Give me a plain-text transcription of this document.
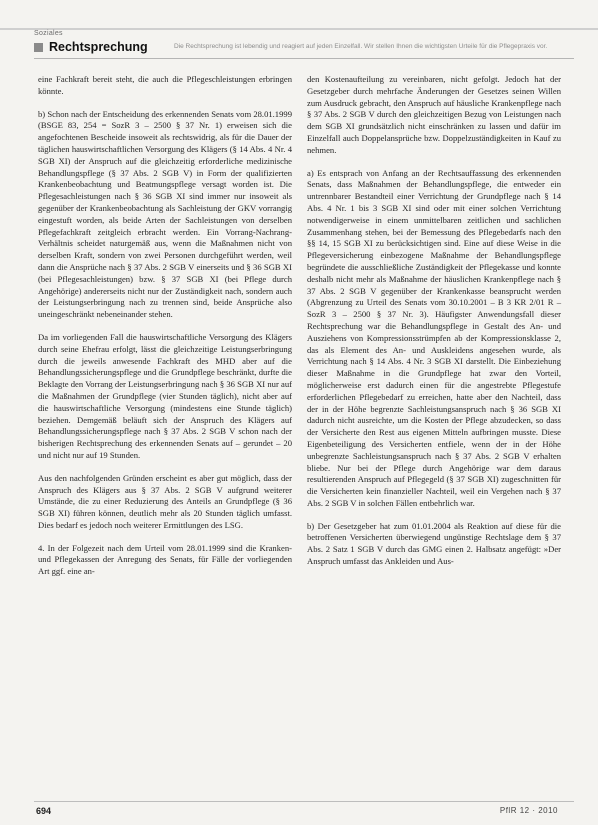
Soziales
Rechtsprechung	Die Rechtsprechung ist lebendig und reagiert auf jeden Einzelfall. Wir stellen Ihnen die wichtigsten Urteile für die Pflegepraxis vor.

eine Fachkraft bereit steht, die auch die Pflegeschleistungen erbringen könnte.

b) Schon nach der Entscheidung des erkennenden Senats vom 28.01.1999 (BSGE 83, 254 = SozR 3 – 2500 § 37 Nr. 1) erweisen sich die angefochtenen Bescheide insoweit als rechtswidrig, als für die Dauer der täglichen hauswirtschaftlichen Versorgung des Klägers (§ 14 Abs. 4 Nr. 4 SGB XI) der Anspruch auf die gleichzeitig erforderliche medizinische Behandlungspflege (§ 37 Abs. 2 SGB V) in Form der qualifizierten Krankenbeobachtung und Beatmungspflege versagt worden ist. Die Pflegesachleistungen nach § 36 SGB XI sind immer nur insoweit als gegenüber der Krankenbeobachtung als Sachleistung der GKV vorrangig eingestuft worden, als beide Arten der Sachleistungen von derselben Pflegefachkraft zeitgleich erbracht werden. Ein Vorrang-Nachrang-Verhältnis scheidet naturgemäß aus, wenn die Maßnahmen nicht von derselben Kraft, sondern von zwei Personen durchgeführt werden, weil dann die Ansprüche nach § 37 Abs. 2 SGB V einerseits und § 36 SGB XI (bei Pflegesachleistungen) bzw. § 37 SGB XI (bei Pflege durch Angehörige) andererseits nicht nur der Zuständigkeit nach, sondern auch der Leistungserbringung nach zu trennen sind, beide Ansprüche also uneingeschränkt nebeneinander stehen.

Da im vorliegenden Fall die hauswirtschaftliche Versorgung des Klägers durch seine Ehefrau erfolgt, lässt die gleichzeitige Leistungserbringung durch die jeweils anwesende Fachkraft des MHD aber auf die Behandlungssicherungspflege und die Grundpflege beschränkt, durfte die Beklagte den Vorrang der Leistungserbringung nach § 36 SGB XI nur auf die Maßnahmen der Grundpflege (vier Stunden täglich), nicht aber auf die hauswirtschaftliche Versorgung (mindestens eine Stunde täglich) beziehen. Demgemäß beläuft sich der Anspruch des Klägers auf Behandlungssicherungspflege nach § 37 Abs. 2 SGB V schon nach der bisherigen Rechtsprechung des erkennenden Senats auf – gerundet – 20 und nicht nur auf 19 Stunden.

Aus den nachfolgenden Gründen erscheint es aber gut möglich, dass der Anspruch des Klägers aus § 37 Abs. 2 SGB V aufgrund weiterer Umstände, die zu einer Reduzierung des Anteils an Grundpflege (§ 36 SGB XI) führen können, deutlich mehr als 20 Stunden täglich umfasst. Dies bedarf es jedoch noch weiterer Ermittlungen des LSG.

4. In der Folgezeit nach dem Urteil vom 28.01.1999 sind die Kranken- und Pflegekassen der Anregung des Senats, für Fälle der vorliegenden Art ggf. eine an-

den Kostenaufteilung zu vereinbaren, nicht gefolgt. Jedoch hat der Gesetzgeber durch mehrfache Änderungen der Gesetzes seinen Willen zum Ausdruck gebracht, den Anspruch auf häusliche Krankenpflege nach § 37 Abs. 2 SGB V durch den gleichzeitigen Bezug von Leistungen nach dem SGB XI grundsätzlich nicht einschränken zu lassen und dafür im Einzelfall auch Doppelansprüche bzw. Doppelzuständigkeiten in Kauf zu nehmen.

a) Es entsprach von Anfang an der Rechtsauffassung des erkennenden Senats, dass Maßnahmen der Behandlungspflege, die entweder ein untrennbarer Bestandteil einer Verrichtung der Grundpflege nach § 14 Abs. 4 Nr. 1 bis 3 SGB XI sind oder mit einer solchen Verrichtung notwendigerweise in einem unmittelbaren zeitlichen und sachlichen Zusammenhang stehen, bei der Bemessung des Pflegebedarfs nach den §§ 14, 15 SGB XI zu berücksichtigen sind. Eine auf diese Weise in die Pflegeversicherung einbezogene Maßnahme der Behandlungspflege begründete die ausschließliche Zuständigkeit der Pflegekasse und konnte deshalb nicht mehr als Maßnahme der häuslichen Krankenpflege nach § 37 Abs. 2 SGB V gegenüber der Krankenkasse beansprucht werden (Abgrenzung zu Urteil des Senats vom 30.10.2001 – B 3 KR 2/01 R – SozR 3 – 2500 § 37 Nr. 3). Häufigster Anwendungsfall dieser Rechtsprechung war die Behandlungspflege in Gestalt des An- und Ausziehens von Kompressionsstrümpfen ab der Kompressionsklasse 2, das als Element des An- und Auskleidens angesehen wurde, als Verrichtung nach § 14 Abs. 4 Nr. 3 SGB XI darstellt. Die Einbeziehung dieser Maßnahme in die Grundpflege hat zwar den Vorteil, möglicherweise erst dadurch einen für die angestrebte Pflegestufe erforderlichen Pflegebedarf zu erreichen, hatte aber den Nachteil, dass der in der Höhe begrenzte Sachleistungsanspruch nach § 36 SGB XI dadurch nicht ausreichte, um die Kosten der Pflege abzudecken, so dass der Versicherte den Rest aus eigenen Mitteln aufbringen musste. Diese Eigenbeteiligung des Versicherten entfiele, wenn der in der Höhe unbegrenzte Sachleistungsanspruch nach § 37 Abs. 2 SGB V erhalten bliebe. Nur bei der Pflege durch Angehörige war dem daraus resultierenden Anspruch auf Pflegegeld (§ 37 SGB XI) zugeschnitten für die Versicherten kein finanzieller Nachteil, weil ein Vergehen nach § 37 Abs. 2 SGB V in solchen Fällen entbehrlich war.

b) Der Gesetzgeber hat zum 01.01.2004 als Reaktion auf diese für die betroffenen Versicherten überwiegend ungünstige Rechtslage dem § 37 Abs. 2 Satz 1 SGB V durch das GMG einen 2. Halbsatz angefügt: »Der Anspruch umfasst das Ankleiden und Aus-

694	PflR 12 · 2010
